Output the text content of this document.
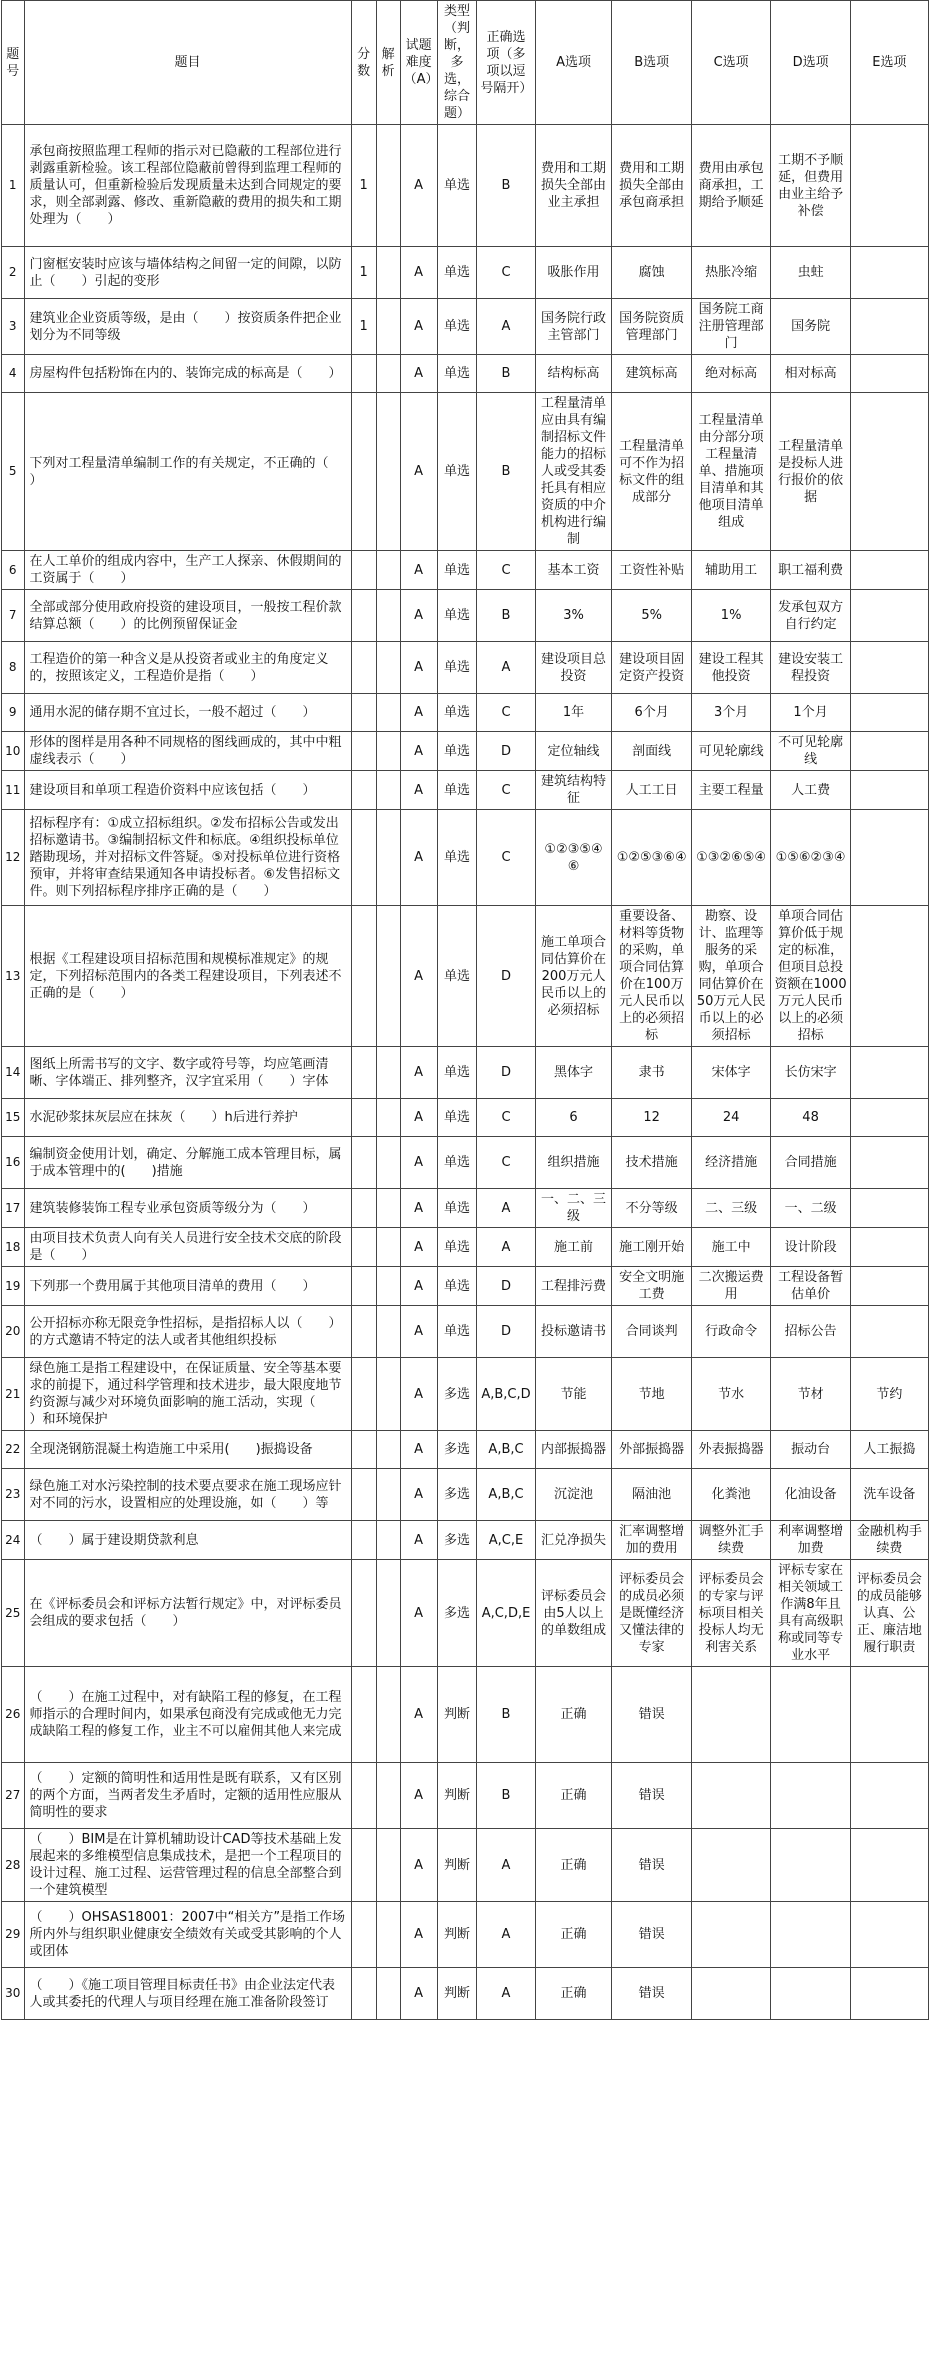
题号	题目	分数	解析	试题难度（A）	类型（判断，多选，综合题）	正确选项（多项以逗号隔开）	A选项	B选项	C选项	D选项	E选项
1	承包商按照监理工程师的指示对已隐蔽的工程部位进行剥露重新检验。该工程部位隐蔽前曾得到监理工程师的质量认可，但重新检验后发现质量未达到合同规定的要求，则全部剥露、修改、重新隐蔽的费用的损失和工期处理为（　　）	1		A	单选	B	费用和工期损失全部由业主承担	费用和工期损失全部由承包商承担	费用由承包商承担，工期给予顺延	工期不予顺延，但费用由业主给予补偿	
2	门窗框安装时应该与墙体结构之间留一定的间隙，以防止（　　）引起的变形	1		A	单选	C	吸胀作用	腐蚀	热胀冷缩	虫蛀	
3	建筑业企业资质等级，是由（　　）按资质条件把企业划分为不同等级	1		A	单选	A	国务院行政主管部门	国务院资质管理部门	国务院工商注册管理部门	国务院	
4	房屋构件包括粉饰在内的、装饰完成的标高是（　　）			A	单选	B	结构标高	建筑标高	绝对标高	相对标高	
5	下列对工程量清单编制工作的有关规定，不正确的（　　）			A	单选	B	工程量清单应由具有编制招标文件能力的招标人或受其委托具有相应资质的中介机构进行编制	工程量清单可不作为招标文件的组成部分	工程量清单由分部分项工程量清单、措施项目清单和其他项目清单组成	工程量清单是投标人进行报价的依据	
6	在人工单价的组成内容中，生产工人探亲、休假期间的工资属于（　　）			A	单选	C	基本工资	工资性补贴	辅助用工	职工福利费	
7	全部或部分使用政府投资的建设项目，一般按工程价款结算总额（　　）的比例预留保证金			A	单选	B	3%	5%	1%	发承包双方自行约定	
8	工程造价的第一种含义是从投资者或业主的角度定义的，按照该定义，工程造价是指（　　）			A	单选	A	建设项目总投资	建设项目固定资产投资	建设工程其他投资	建设安装工程投资	
9	通用水泥的储存期不宜过长，一般不超过（　　）			A	单选	C	1年	6个月	3个月	1个月	
10	形体的图样是用各种不同规格的图线画成的，其中中粗虚线表示（　　）			A	单选	D	定位轴线	剖面线	可见轮廓线	不可见轮廓线	
11	建设项目和单项工程造价资料中应该包括（　　）			A	单选	C	建筑结构特征	人工工日	主要工程量	人工费	
12	招标程序有：①成立招标组织。②发布招标公告或发出招标邀请书。③编制招标文件和标底。④组织投标单位踏勘现场，并对招标文件答疑。⑤对投标单位进行资格预审，并将审查结果通知各申请投标者。⑥发售招标文件。则下列招标程序排序正确的是（　　）			A	单选	C	①②③⑤④⑥	①②⑤③⑥④	①③②⑥⑤④	①⑤⑥②③④	
13	根据《工程建设项目招标范围和规模标准规定》的规定，下列招标范围内的各类工程建设项目，下列表述不正确的是（　　）			A	单选	D	施工单项合同估算价在200万元人民币以上的必须招标	重要设备、材料等货物的采购，单项合同估算价在100万元人民币以上的必须招标	勘察、设计、监理等服务的采购，单项合同估算价在50万元人民币以上的必须招标	单项合同估算价低于规定的标准，但项目总投资额在1000万元人民币以上的必须招标	
14	图纸上所需书写的文字、数字或符号等，均应笔画清晰、字体端正、排列整齐，汉字宜采用（　　）字体			A	单选	D	黑体字	隶书	宋体字	长仿宋字	
15	水泥砂浆抹灰层应在抹灰（　　）h后进行养护			A	单选	C	6	12	24	48	
16	编制资金使用计划，确定、分解施工成本管理目标，属于成本管理中的(　　)措施			A	单选	C	组织措施	技术措施	经济措施	合同措施	
17	建筑装修装饰工程专业承包资质等级分为（　　）			A	单选	A	一、二、三级	不分等级	二、三级	一、二级	
18	由项目技术负责人向有关人员进行安全技术交底的阶段是（　　）			A	单选	A	施工前	施工刚开始	施工中	设计阶段	
19	下列那一个费用属于其他项目清单的费用（　　）			A	单选	D	工程排污费	安全文明施工费	二次搬运费用	工程设备暂估单价	
20	公开招标亦称无限竞争性招标，是指招标人以（　　）的方式邀请不特定的法人或者其他组织投标			A	单选	D	投标邀请书	合同谈判	行政命令	招标公告	
21	绿色施工是指工程建设中，在保证质量、安全等基本要求的前提下，通过科学管理和技术进步，最大限度地节约资源与减少对环境负面影响的施工活动，实现（　　）和环境保护			A	多选	A,B,C,D	节能	节地	节水	节材	节约
22	全现浇钢筋混凝土构造施工中采用(　　)振捣设备			A	多选	A,B,C	内部振捣器	外部振捣器	外表振捣器	振动台	人工振捣
23	绿色施工对水污染控制的技术要点要求在施工现场应针对不同的污水，设置相应的处理设施，如（　　）等			A	多选	A,B,C	沉淀池	隔油池	化粪池	化油设备	洗车设备
24	（　　）属于建设期贷款利息			A	多选	A,C,E	汇兑净损失	汇率调整增加的费用	调整外汇手续费	利率调整增加费	金融机构手续费
25	在《评标委员会和评标方法暂行规定》中，对评标委员会组成的要求包括（　　）			A	多选	A,C,D,E	评标委员会由5人以上的单数组成	评标委员会的成员必须是既懂经济又懂法律的专家	评标委员会的专家与评标项目相关投标人均无利害关系	评标专家在相关领域工作满8年且具有高级职称或同等专业水平	评标委员会的成员能够认真、公正、廉洁地履行职责
26	（　　）在施工过程中，对有缺陷工程的修复，在工程师指示的合理时间内，如果承包商没有完成或他无力完成缺陷工程的修复工作，业主不可以雇佣其他人来完成			A	判断	B	正确	错误			
27	（　　）定额的简明性和适用性是既有联系，又有区别的两个方面，当两者发生矛盾时，定额的适用性应服从简明性的要求			A	判断	B	正确	错误			
28	（　　）BIM是在计算机辅助设计CAD等技术基础上发展起来的多维模型信息集成技术，是把一个工程项目的设计过程、施工过程、运营管理过程的信息全部整合到一个建筑模型			A	判断	A	正确	错误			
29	（　　）OHSAS18001：2007中“相关方”是指工作场所内外与组织职业健康安全绩效有关或受其影响的个人或团体			A	判断	A	正确	错误			
30	（　　）《施工项目管理目标责任书》由企业法定代表人或其委托的代理人与项目经理在施工准备阶段签订			A	判断	A	正确	错误			
